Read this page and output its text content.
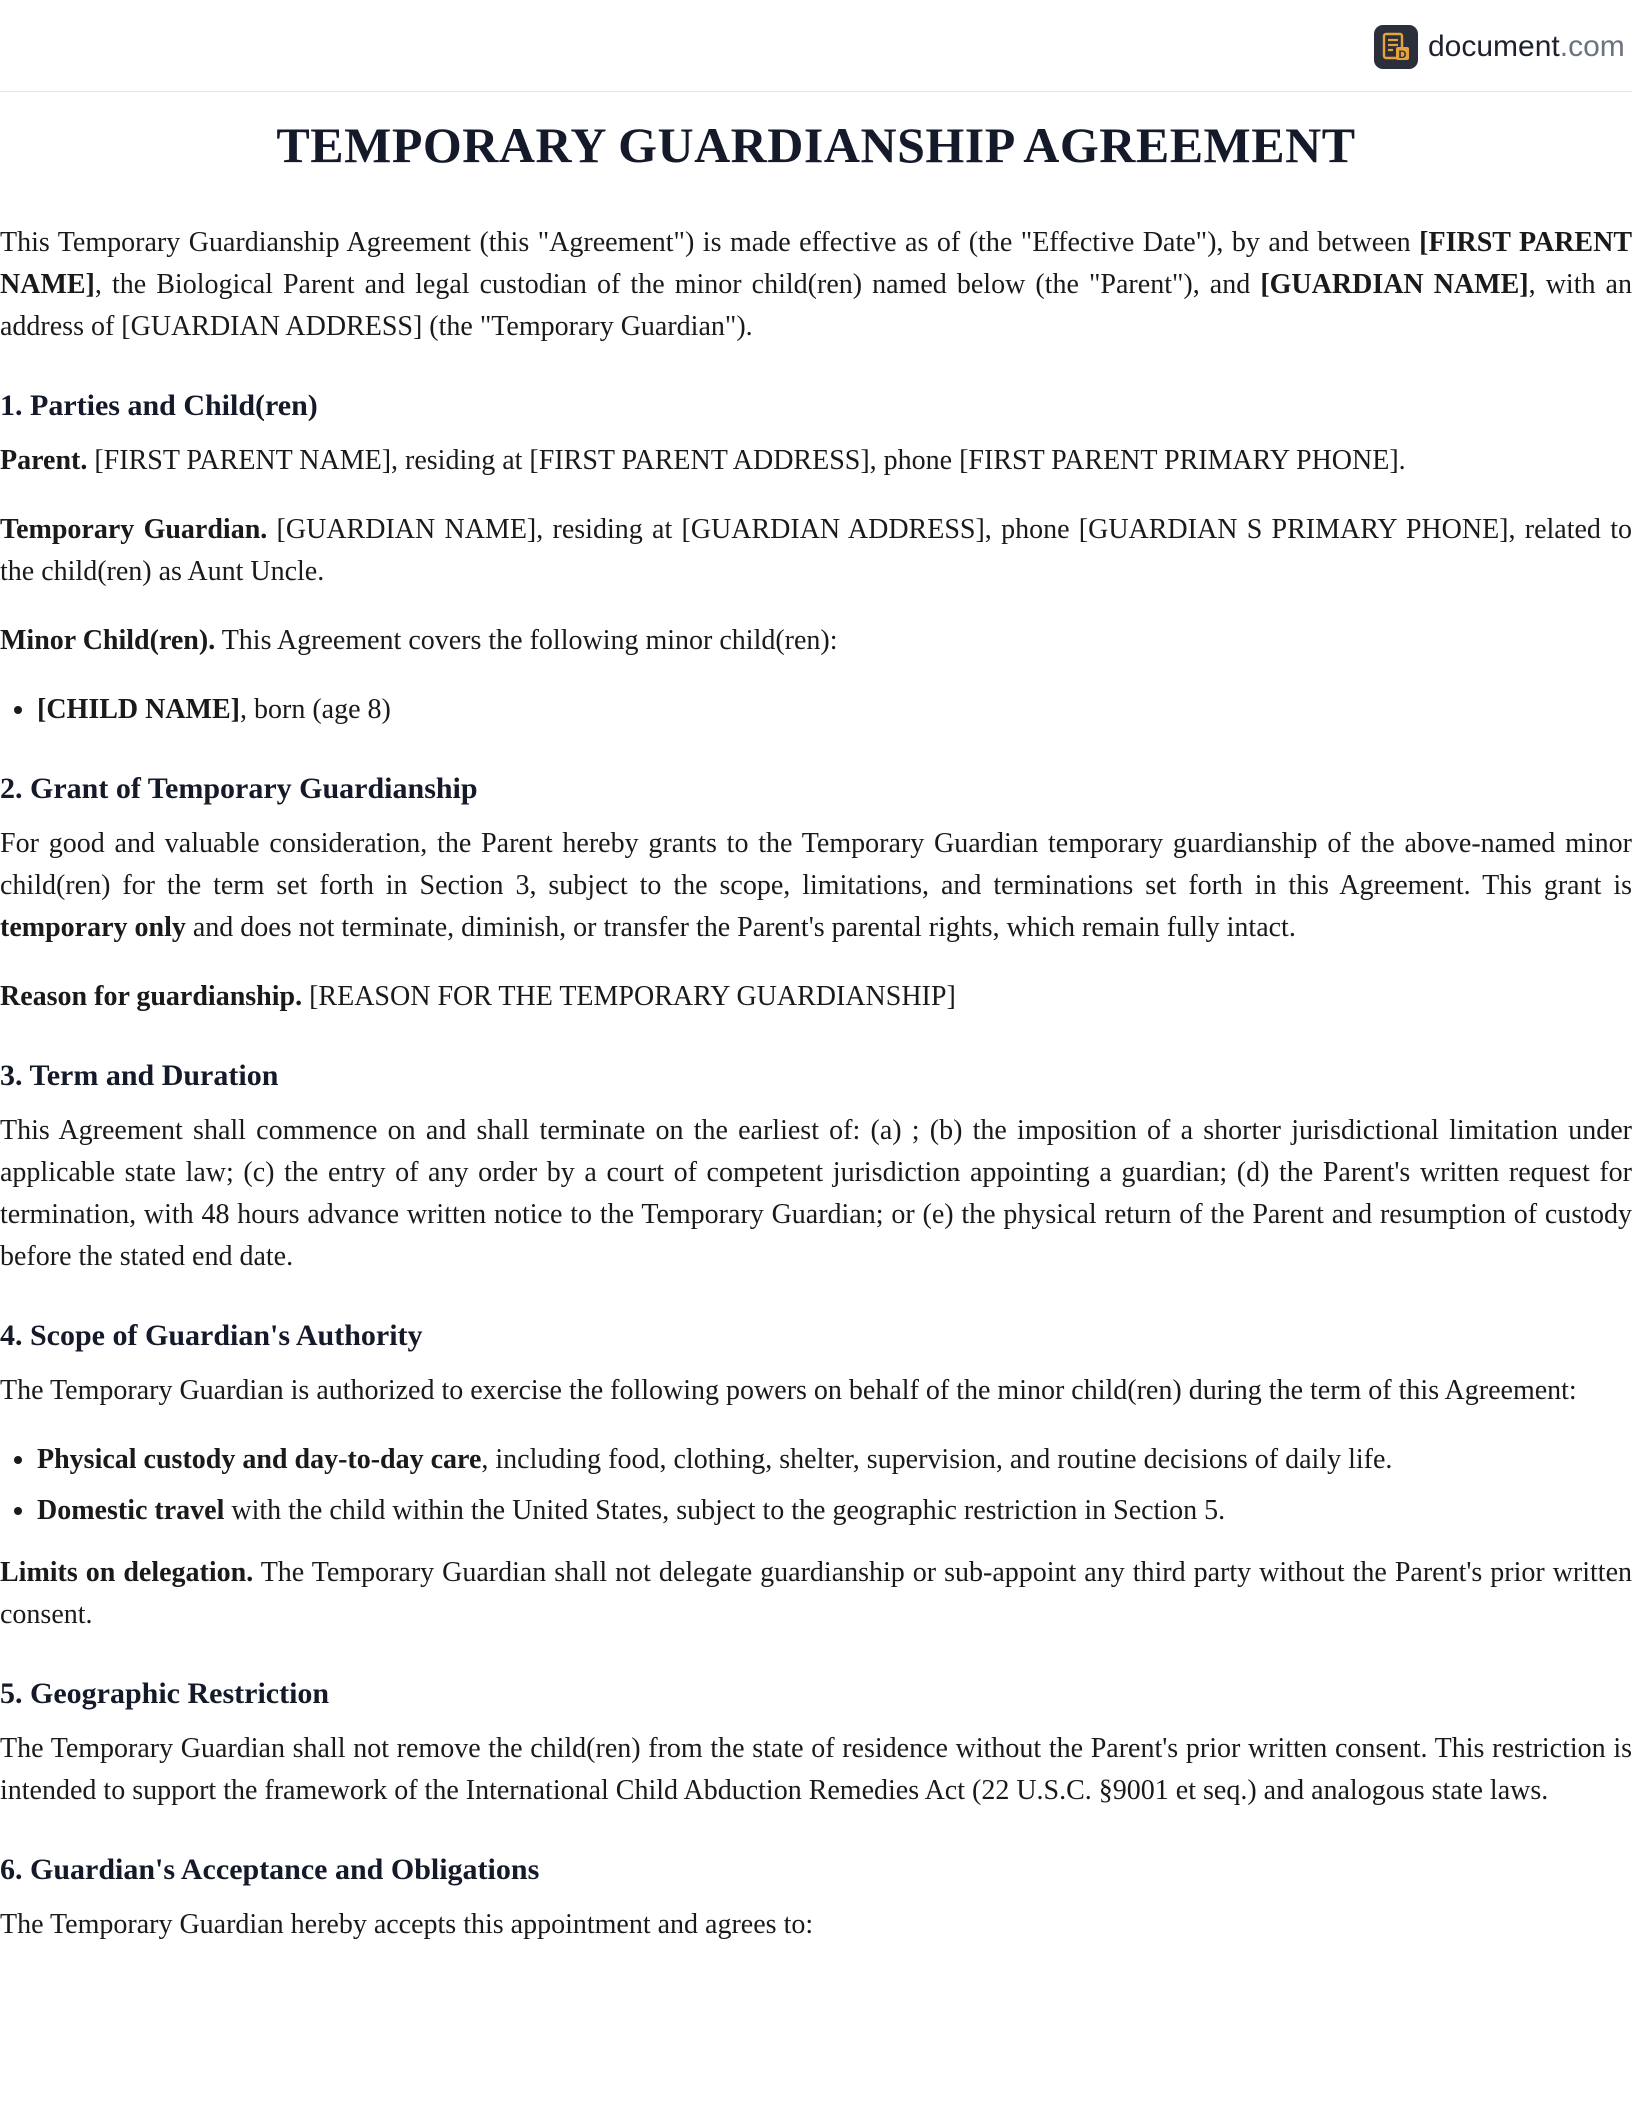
D document.com
TEMPORARY GUARDIANSHIP AGREEMENT

This Temporary Guardianship Agreement (this "Agreement") is made effective as of (the "Effective Date"), by and between [FIRST PARENT NAME], the Biological Parent and legal custodian of the minor child(ren) named below (the "Parent"), and [GUARDIAN NAME], with an address of [GUARDIAN ADDRESS] (the "Temporary Guardian").

1. Parties and Child(ren)

Parent. [FIRST PARENT NAME], residing at [FIRST PARENT ADDRESS], phone [FIRST PARENT PRIMARY PHONE].

Temporary Guardian. [GUARDIAN NAME], residing at [GUARDIAN ADDRESS], phone [GUARDIAN S PRIMARY PHONE], related to the child(ren) as Aunt Uncle.

Minor Child(ren). This Agreement covers the following minor child(ren):

• [CHILD NAME], born (age 8)
2. Grant of Temporary Guardianship

For good and valuable consideration, the Parent hereby grants to the Temporary Guardian temporary guardianship of the above-named minor child(ren) for the term set forth in Section 3, subject to the scope, limitations, and terminations set forth in this Agreement. This grant is temporary only and does not terminate, diminish, or transfer the Parent's parental rights, which remain fully intact.

Reason for guardianship. [REASON FOR THE TEMPORARY GUARDIANSHIP]

3. Term and Duration

This Agreement shall commence on and shall terminate on the earliest of: (a) ; (b) the imposition of a shorter jurisdictional limitation under applicable state law; (c) the entry of any order by a court of competent jurisdiction appointing a guardian; (d) the Parent's written request for termination, with 48 hours advance written notice to the Temporary Guardian; or (e) the physical return of the Parent and resumption of custody before the stated end date.

4. Scope of Guardian's Authority

The Temporary Guardian is authorized to exercise the following powers on behalf of the minor child(ren) during the term of this Agreement:

• Physical custody and day-to-day care, including food, clothing, shelter, supervision, and routine decisions of daily life.
• Domestic travel with the child within the United States, subject to the geographic restriction in Section 5.

Limits on delegation. The Temporary Guardian shall not delegate guardianship or sub-appoint any third party without the Parent's prior written consent.

5. Geographic Restriction

The Temporary Guardian shall not remove the child(ren) from the state of residence without the Parent's prior written consent. This restriction is intended to support the framework of the International Child Abduction Remedies Act (22 U.S.C. §9001 et seq.) and analogous state laws.

6. Guardian's Acceptance and Obligations

The Temporary Guardian hereby accepts this appointment and agrees to:
